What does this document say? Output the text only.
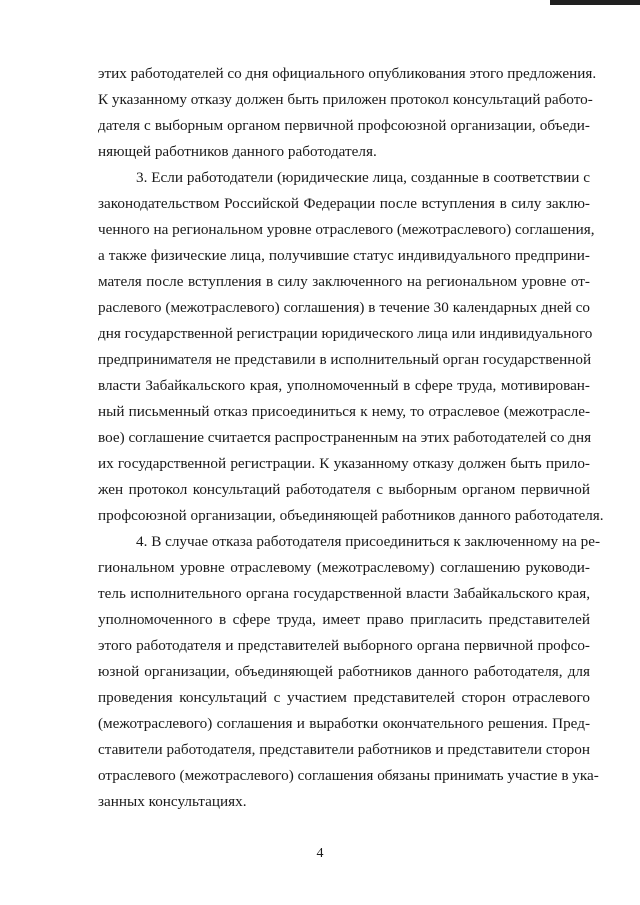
этих работодателей со дня официального опубликования этого предложения.
К указанному отказу должен быть приложен протокол консультаций работо-
дателя с выборным органом первичной профсоюзной организации, объеди-
няющей работников данного работодателя.
3. Если работодатели (юридические лица, созданные в соответствии с
законодательством Российской Федерации после вступления в силу заклю-
ченного на региональном уровне отраслевого (межотраслевого) соглашения,
а также физические лица, получившие статус индивидуального предприни-
мателя после вступления в силу заключенного на региональном уровне от-
раслевого (межотраслевого) соглашения) в течение 30 календарных дней со
дня государственной регистрации юридического лица или индивидуального
предпринимателя не представили в исполнительный орган государственной
власти Забайкальского края, уполномоченный в сфере труда, мотивирован-
ный письменный отказ присоединиться к нему, то отраслевое (межотрасле-
вое) соглашение считается распространенным на этих работодателей со дня
их государственной регистрации. К указанному отказу должен быть прило-
жен протокол консультаций работодателя с выборным органом первичной
профсоюзной организации, объединяющей работников данного работодателя.
4. В случае отказа работодателя присоединиться к заключенному на ре-
гиональном уровне отраслевому (межотраслевому) соглашению руководи-
тель исполнительного органа государственной власти Забайкальского края,
уполномоченного в сфере труда, имеет право пригласить представителей
этого работодателя и представителей выборного органа первичной профсо-
юзной организации, объединяющей работников данного работодателя, для
проведения консультаций с участием представителей сторон отраслевого
(межотраслевого) соглашения и выработки окончательного решения. Пред-
ставители работодателя, представители работников и представители сторон
отраслевого (межотраслевого) соглашения обязаны принимать участие в ука-
занных консультациях.
4
